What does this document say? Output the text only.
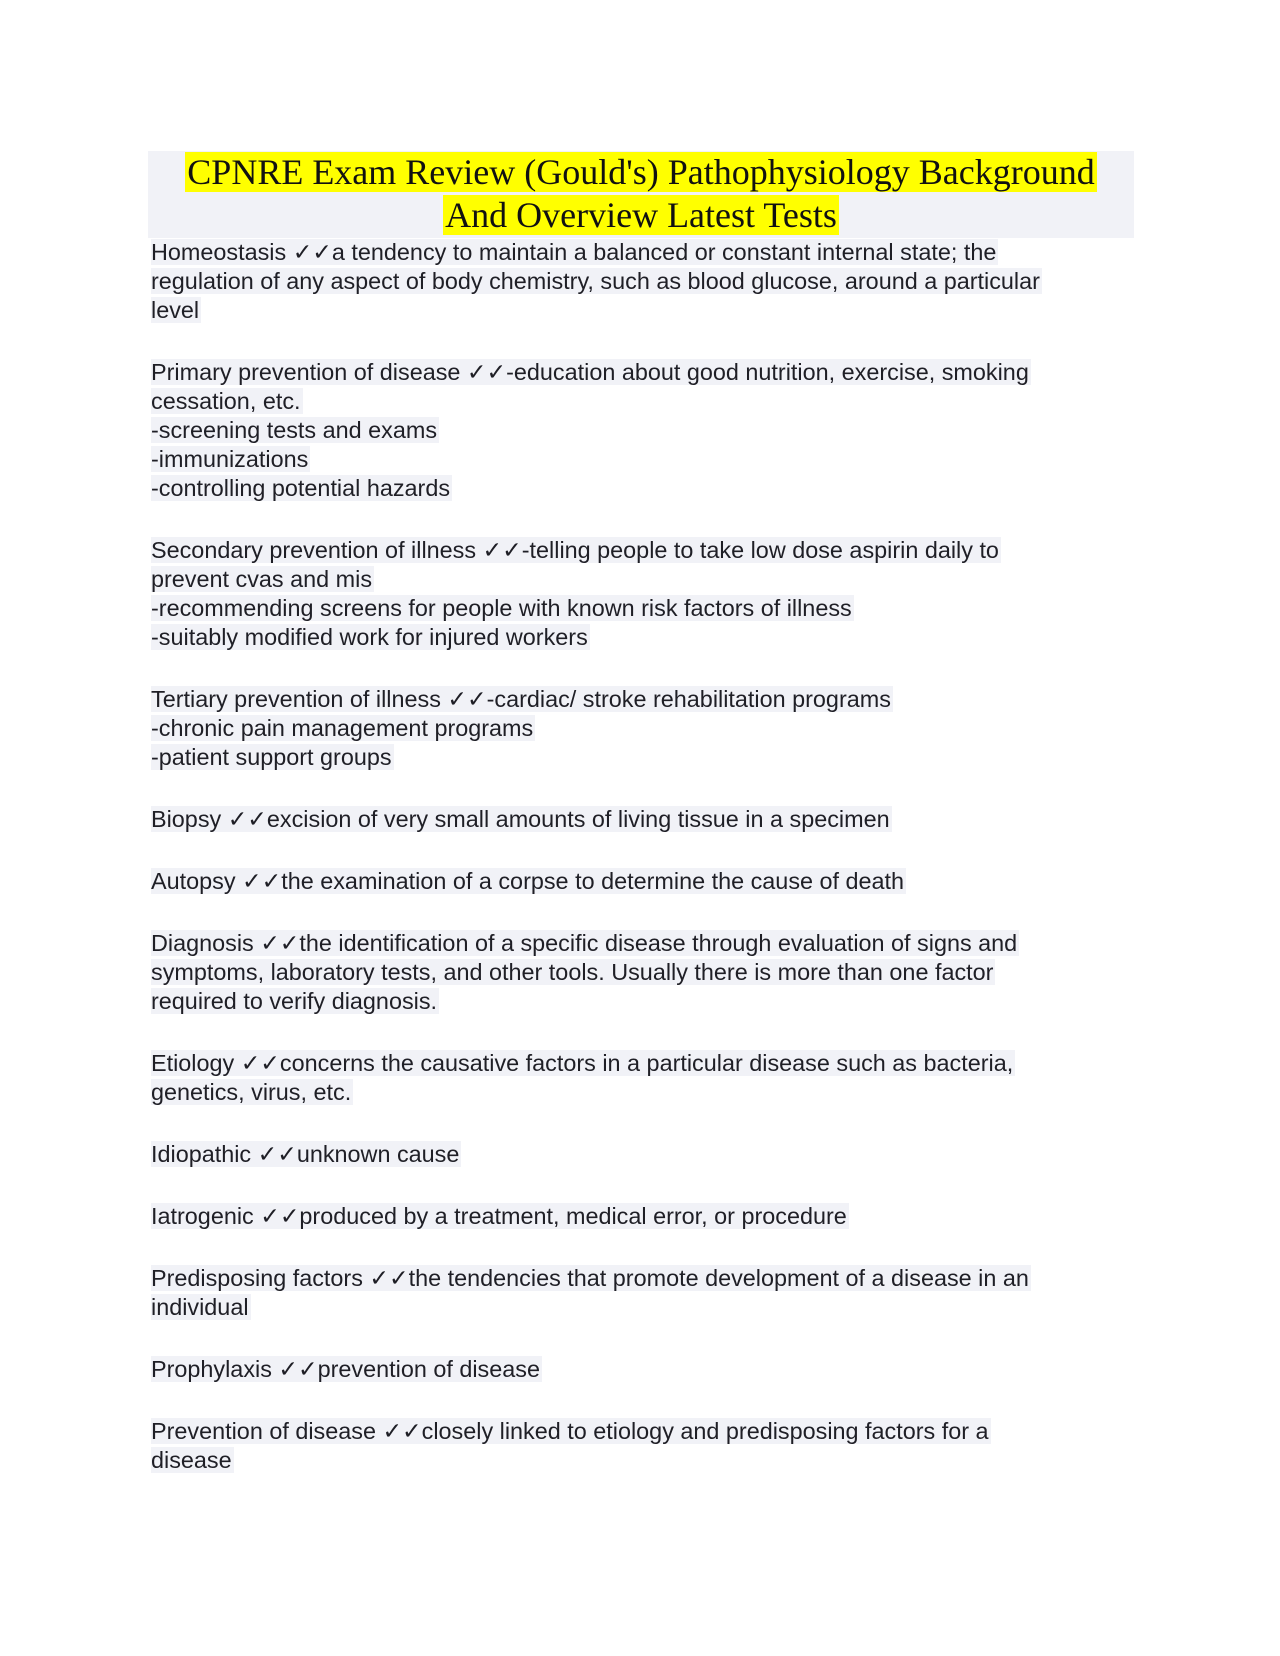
CPNRE Exam Review (Gould's) Pathophysiology Background
And Overview Latest Tests
Homeostasis ✓✓a tendency to maintain a balanced or constant internal state; the
regulation of any aspect of body chemistry, such as blood glucose, around a particular
level
Primary prevention of disease ✓✓-education about good nutrition, exercise, smoking
cessation, etc.
-screening tests and exams
-immunizations
-controlling potential hazards
Secondary prevention of illness ✓✓-telling people to take low dose aspirin daily to
prevent cvas and mis
-recommending screens for people with known risk factors of illness
-suitably modified work for injured workers
Tertiary prevention of illness ✓✓-cardiac/ stroke rehabilitation programs
-chronic pain management programs
-patient support groups
Biopsy ✓✓excision of very small amounts of living tissue in a specimen
Autopsy ✓✓the examination of a corpse to determine the cause of death
Diagnosis ✓✓the identification of a specific disease through evaluation of signs and
symptoms, laboratory tests, and other tools. Usually there is more than one factor
required to verify diagnosis.
Etiology ✓✓concerns the causative factors in a particular disease such as bacteria,
genetics, virus, etc.
Idiopathic ✓✓unknown cause
Iatrogenic ✓✓produced by a treatment, medical error, or procedure
Predisposing factors ✓✓the tendencies that promote development of a disease in an
individual
Prophylaxis ✓✓prevention of disease
Prevention of disease ✓✓closely linked to etiology and predisposing factors for a
disease
